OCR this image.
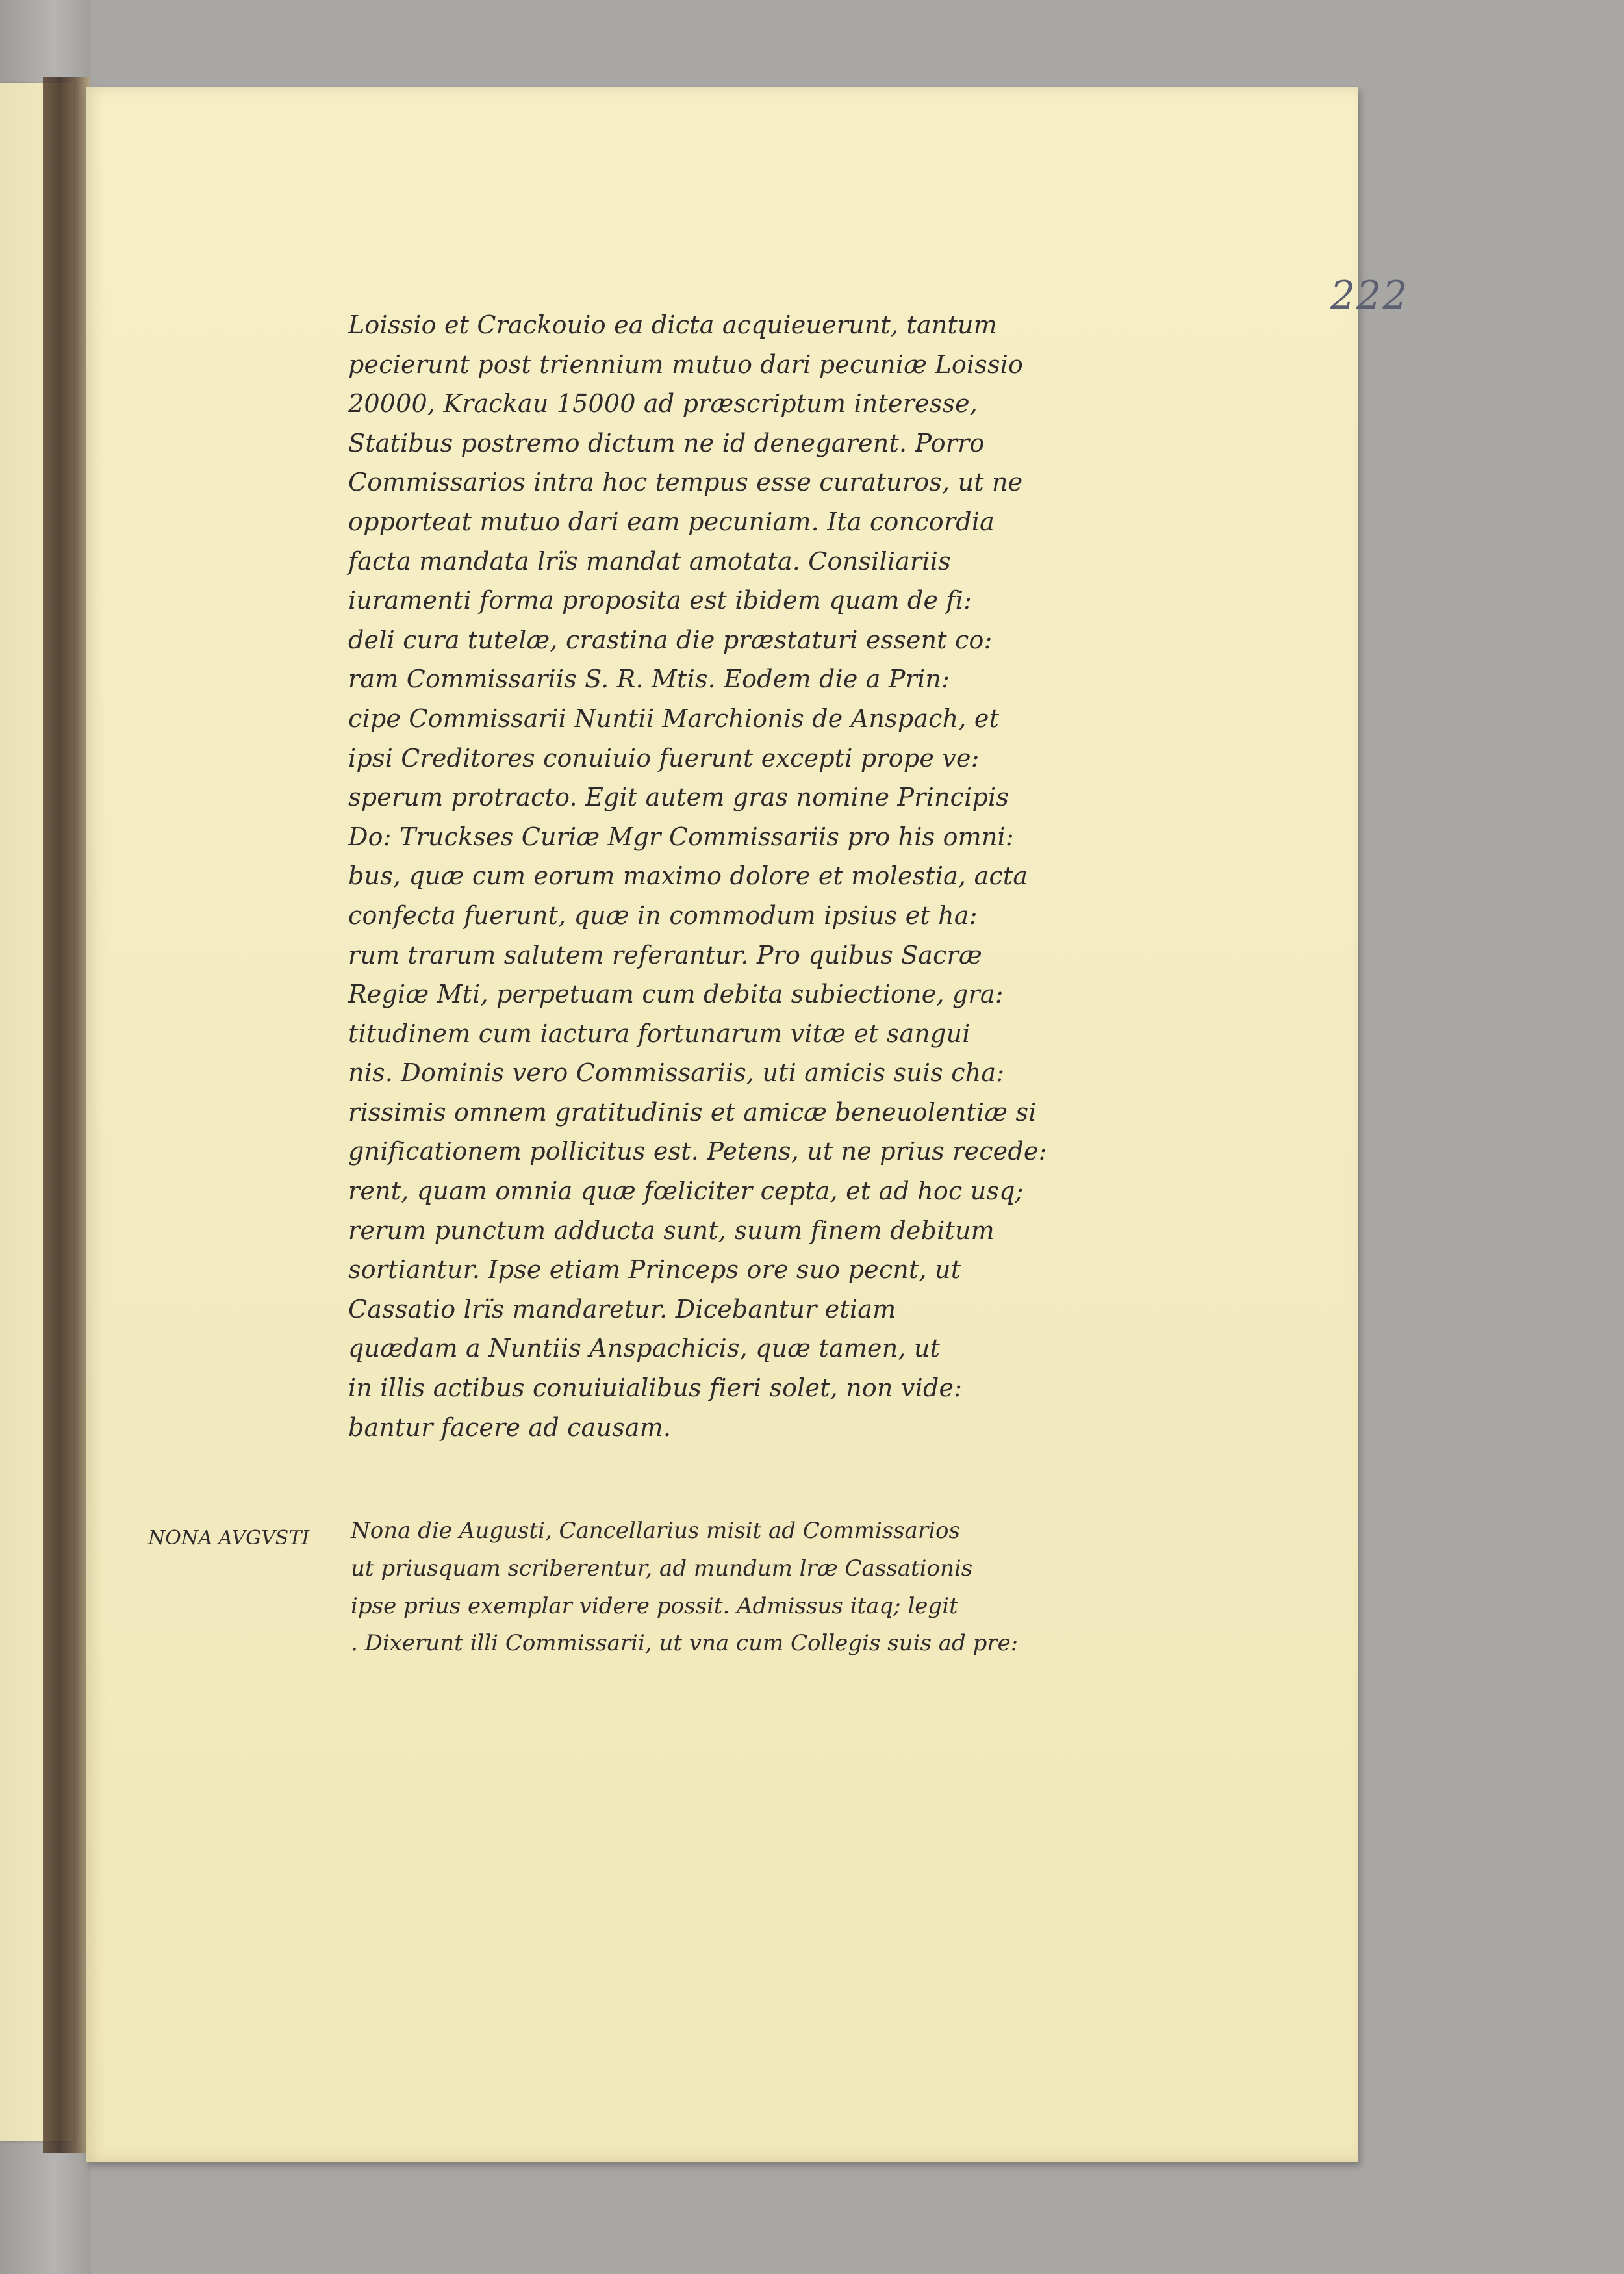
222
Loissio et Crackouio ea dicta acquieuerunt, tantum
pecierunt post triennium mutuo dari pecuniæ Loissio
20000, Krackau 15000 ad præscriptum interesse,
Statibus postremo dictum ne id denegarent. Porro
Commissarios intra hoc tempus esse curaturos, ut ne
opporteat mutuo dari eam pecuniam. Ita concordia
facta mandata lrïs mandat amotata. Consiliariis
iuramenti forma proposita est ibidem quam de fi:
deli cura tutelæ, crastina die præstaturi essent co:
ram Commissariis S. R. Mtis. Eodem die a Prin:
cipe Commissarii Nuntii Marchionis de Anspach, et
ipsi Creditores conuiuio fuerunt excepti prope ve:
sperum protracto. Egit autem gras nomine Principis
Do: Truckses Curiæ Mgr Commissariis pro his omni:
bus, quæ cum eorum maximo dolore et molestia, acta
confecta fuerunt, quæ in commodum ipsius et ha:
rum trarum salutem referantur. Pro quibus Sacræ
Regiæ Mti, perpetuam cum debita subiectione, gra:
titudinem cum iactura fortunarum vitæ et sangui
nis. Dominis vero Commissariis, uti amicis suis cha:
rissimis omnem gratitudinis et amicæ beneuolentiæ si
gnificationem pollicitus est. Petens, ut ne prius recede:
rent, quam omnia quæ fœliciter cepta, et ad hoc usq;
rerum punctum adducta sunt, suum finem debitum
sortiantur. Ipse etiam Princeps ore suo pecnt, ut
Cassatio lrïs mandaretur. Dicebantur etiam
quædam a Nuntiis Anspachicis, quæ tamen, ut
in illis actibus conuiuialibus fieri solet, non vide:
bantur facere ad causam.
NONA AVGVSTI Nona die Augusti, Cancellarius misit ad Commissarios
ut priusquam scriberentur, ad mundum lræ Cassationis
ipse prius exemplar videre possit. Admissus itaq; legit
. Dixerunt illi Commissarii, ut vna cum Collegis suis ad pre:
